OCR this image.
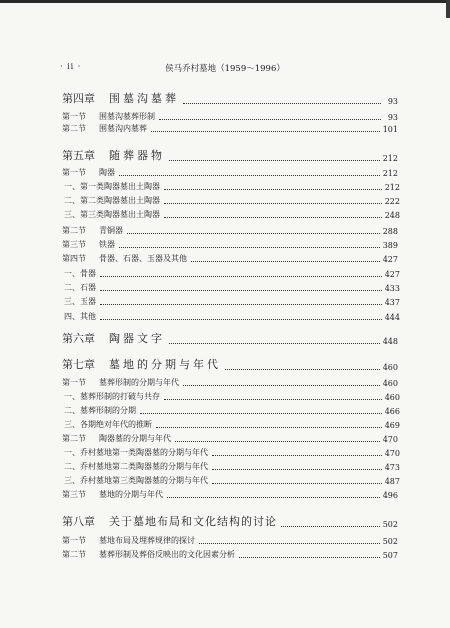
· ii ·	侯马乔村墓地（1959～1996）
第四章 围墓沟墓葬	93
第一节 围墓沟墓葬形制	93
第二节 围墓沟内墓葬	101
第五章 随葬器物	212
第一节 陶器	212
一、第一类陶器墓出土陶器	212
二、第二类陶器墓出土陶器	222
三、第三类陶器墓出土陶器	248
第二节 青铜器	288
第三节 铁器	389
第四节 骨器、石器、玉器及其他	427
一、骨器	427
二、石器	433
三、玉器	437
四、其他	444
第六章 陶器文字	448
第七章 墓地的分期与年代	460
第一节 墓葬形制的分期与年代	460
一、墓葬形制的打破与共存	460
二、墓葬形制的分期	466
三、各期绝对年代的推断	469
第二节 陶器墓的分期与年代	470
一、乔村墓地第一类陶器墓的分期与年代	470
二、乔村墓地第二类陶器墓的分期与年代	473
三、乔村墓地第三类陶器墓的分期与年代	487
第三节 墓地的分期与年代	496
第八章 关于墓地布局和文化结构的讨论	502
第一节 墓地布局及埋葬规律的探讨	502
第二节 墓葬形制及葬俗反映出的文化因素分析	507
